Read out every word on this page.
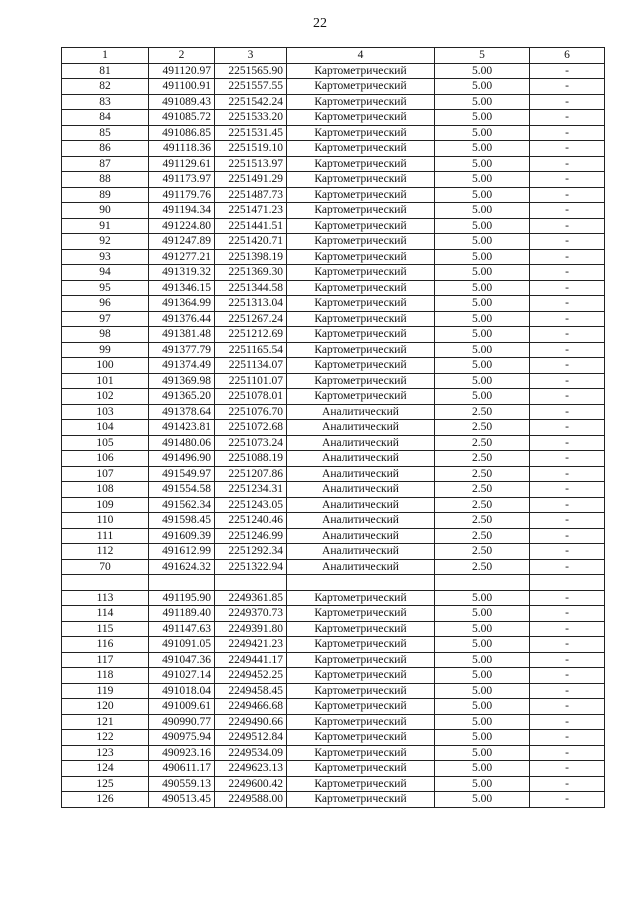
22
1	2	3	4	5	6
81	491120.97	2251565.90	Картометрический	5.00	-
82	491100.91	2251557.55	Картометрический	5.00	-
83	491089.43	2251542.24	Картометрический	5.00	-
84	491085.72	2251533.20	Картометрический	5.00	-
85	491086.85	2251531.45	Картометрический	5.00	-
86	491118.36	2251519.10	Картометрический	5.00	-
87	491129.61	2251513.97	Картометрический	5.00	-
88	491173.97	2251491.29	Картометрический	5.00	-
89	491179.76	2251487.73	Картометрический	5.00	-
90	491194.34	2251471.23	Картометрический	5.00	-
91	491224.80	2251441.51	Картометрический	5.00	-
92	491247.89	2251420.71	Картометрический	5.00	-
93	491277.21	2251398.19	Картометрический	5.00	-
94	491319.32	2251369.30	Картометрический	5.00	-
95	491346.15	2251344.58	Картометрический	5.00	-
96	491364.99	2251313.04	Картометрический	5.00	-
97	491376.44	2251267.24	Картометрический	5.00	-
98	491381.48	2251212.69	Картометрический	5.00	-
99	491377.79	2251165.54	Картометрический	5.00	-
100	491374.49	2251134.07	Картометрический	5.00	-
101	491369.98	2251101.07	Картометрический	5.00	-
102	491365.20	2251078.01	Картометрический	5.00	-
103	491378.64	2251076.70	Аналитический	2.50	-
104	491423.81	2251072.68	Аналитический	2.50	-
105	491480.06	2251073.24	Аналитический	2.50	-
106	491496.90	2251088.19	Аналитический	2.50	-
107	491549.97	2251207.86	Аналитический	2.50	-
108	491554.58	2251234.31	Аналитический	2.50	-
109	491562.34	2251243.05	Аналитический	2.50	-
110	491598.45	2251240.46	Аналитический	2.50	-
111	491609.39	2251246.99	Аналитический	2.50	-
112	491612.99	2251292.34	Аналитический	2.50	-
70	491624.32	2251322.94	Аналитический	2.50	-

113	491195.90	2249361.85	Картометрический	5.00	-
114	491189.40	2249370.73	Картометрический	5.00	-
115	491147.63	2249391.80	Картометрический	5.00	-
116	491091.05	2249421.23	Картометрический	5.00	-
117	491047.36	2249441.17	Картометрический	5.00	-
118	491027.14	2249452.25	Картометрический	5.00	-
119	491018.04	2249458.45	Картометрический	5.00	-
120	491009.61	2249466.68	Картометрический	5.00	-
121	490990.77	2249490.66	Картометрический	5.00	-
122	490975.94	2249512.84	Картометрический	5.00	-
123	490923.16	2249534.09	Картометрический	5.00	-
124	490611.17	2249623.13	Картометрический	5.00	-
125	490559.13	2249600.42	Картометрический	5.00	-
126	490513.45	2249588.00	Картометрический	5.00	-
